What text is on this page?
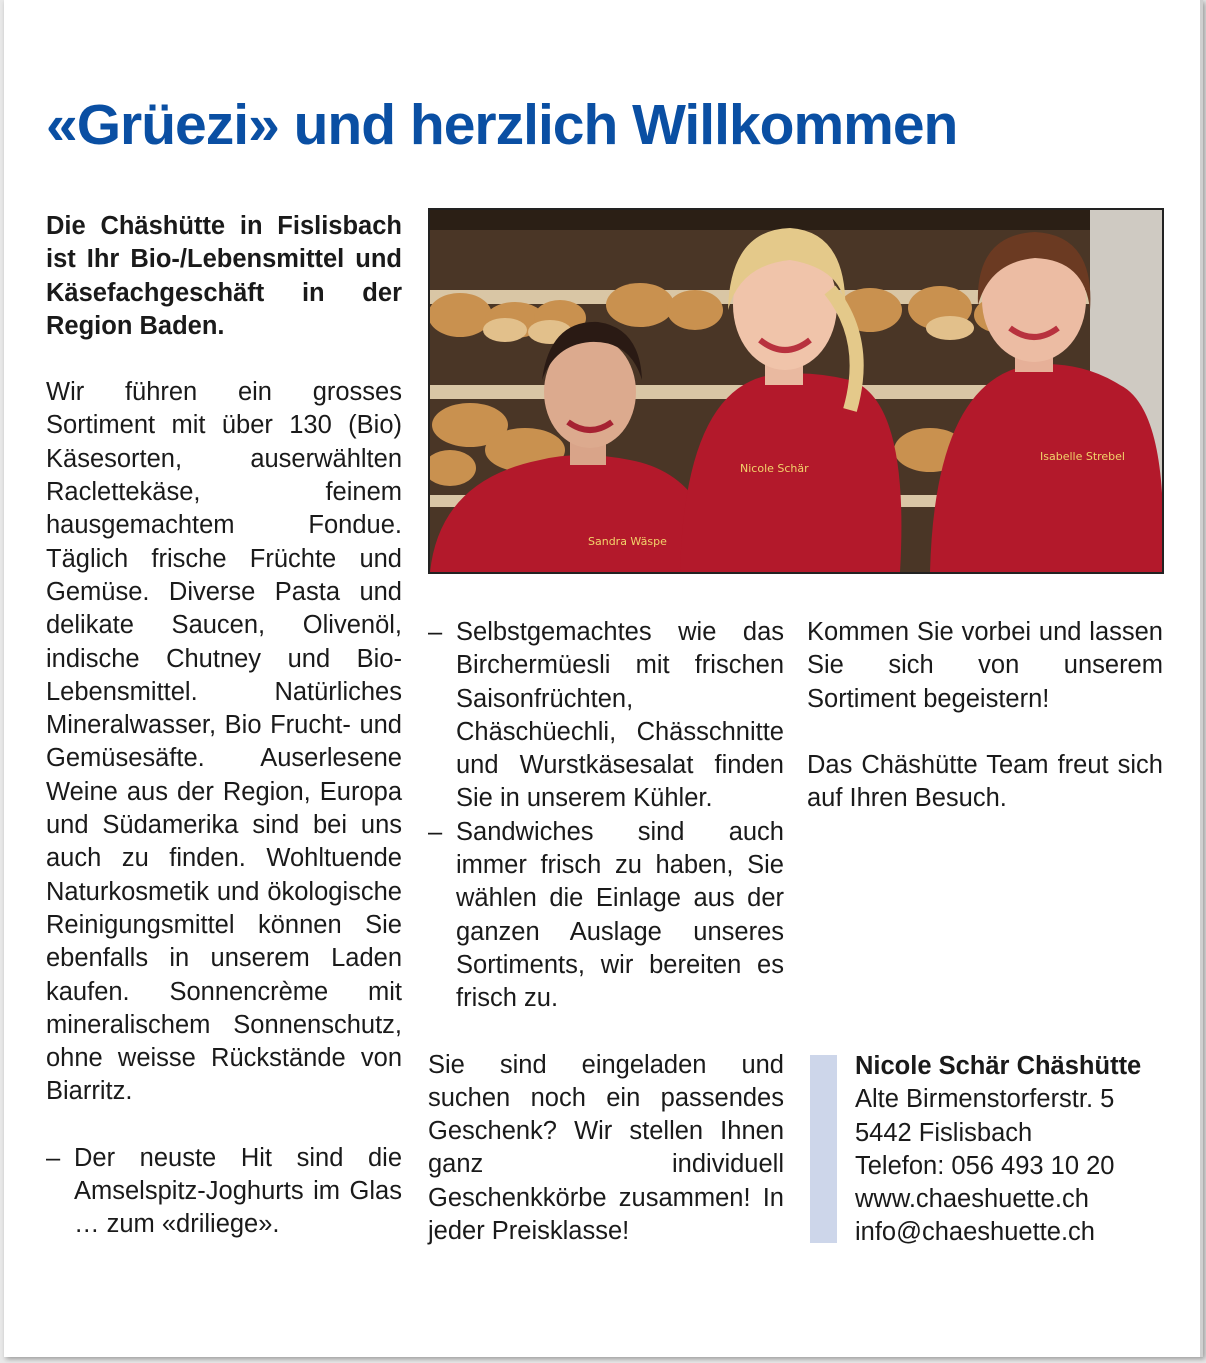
«Grüezi» und herzlich Willkommen

Die Chäshütte in Fislisbach ist Ihr Bio-/Lebensmittel und Käsefachgeschäft in der Region Baden.

Wir führen ein grosses Sortiment mit über 130 (Bio) Käsesorten, auserwählten Raclettekäse, feinem hausgemachtem Fondue. Täglich frische Früchte und Gemüse. Diverse Pasta und delikate Saucen, Olivenöl, indische Chutney und Bio-Lebensmittel. Natürliches Mineralwasser, Bio Frucht- und Gemüsesäfte. Auserlesene Weine aus der Region, Europa und Südamerika sind bei uns auch zu finden. Wohltuende Naturkosmetik und ökologische Reinigungsmittel können Sie ebenfalls in unserem Laden kaufen. Sonnencrème mit mineralischem Sonnenschutz, ohne weisse Rückstände von Biarritz.

– Der neuste Hit sind die Amselspitz-Joghurts im Glas … zum «driliege».

Sandra Wäspe
Nicole Schär
Isabelle Strebel

– Selbstgemachtes wie das Birchermüesli mit frischen Saisonfrüchten, Chäschüechli, Chässchnitte und Wurstkäsesalat finden Sie in unserem Kühler.

– Sandwiches sind auch immer frisch zu haben, Sie wählen die Einlage aus der ganzen Auslage unseres Sortiments, wir bereiten es frisch zu.

Sie sind eingeladen und suchen noch ein passendes Geschenk? Wir stellen Ihnen ganz individuell Geschenkkörbe zusammen! In jeder Preisklasse!

Kommen Sie vorbei und lassen Sie sich von unserem Sortiment begeistern!

Das Chäshütte Team freut sich auf Ihren Besuch.

Nicole Schär Chäshütte

Alte Birmenstorferstr. 5

5442 Fislisbach

Telefon: 056 493 10 20

www.chaeshuette.ch

info@chaeshuette.ch
